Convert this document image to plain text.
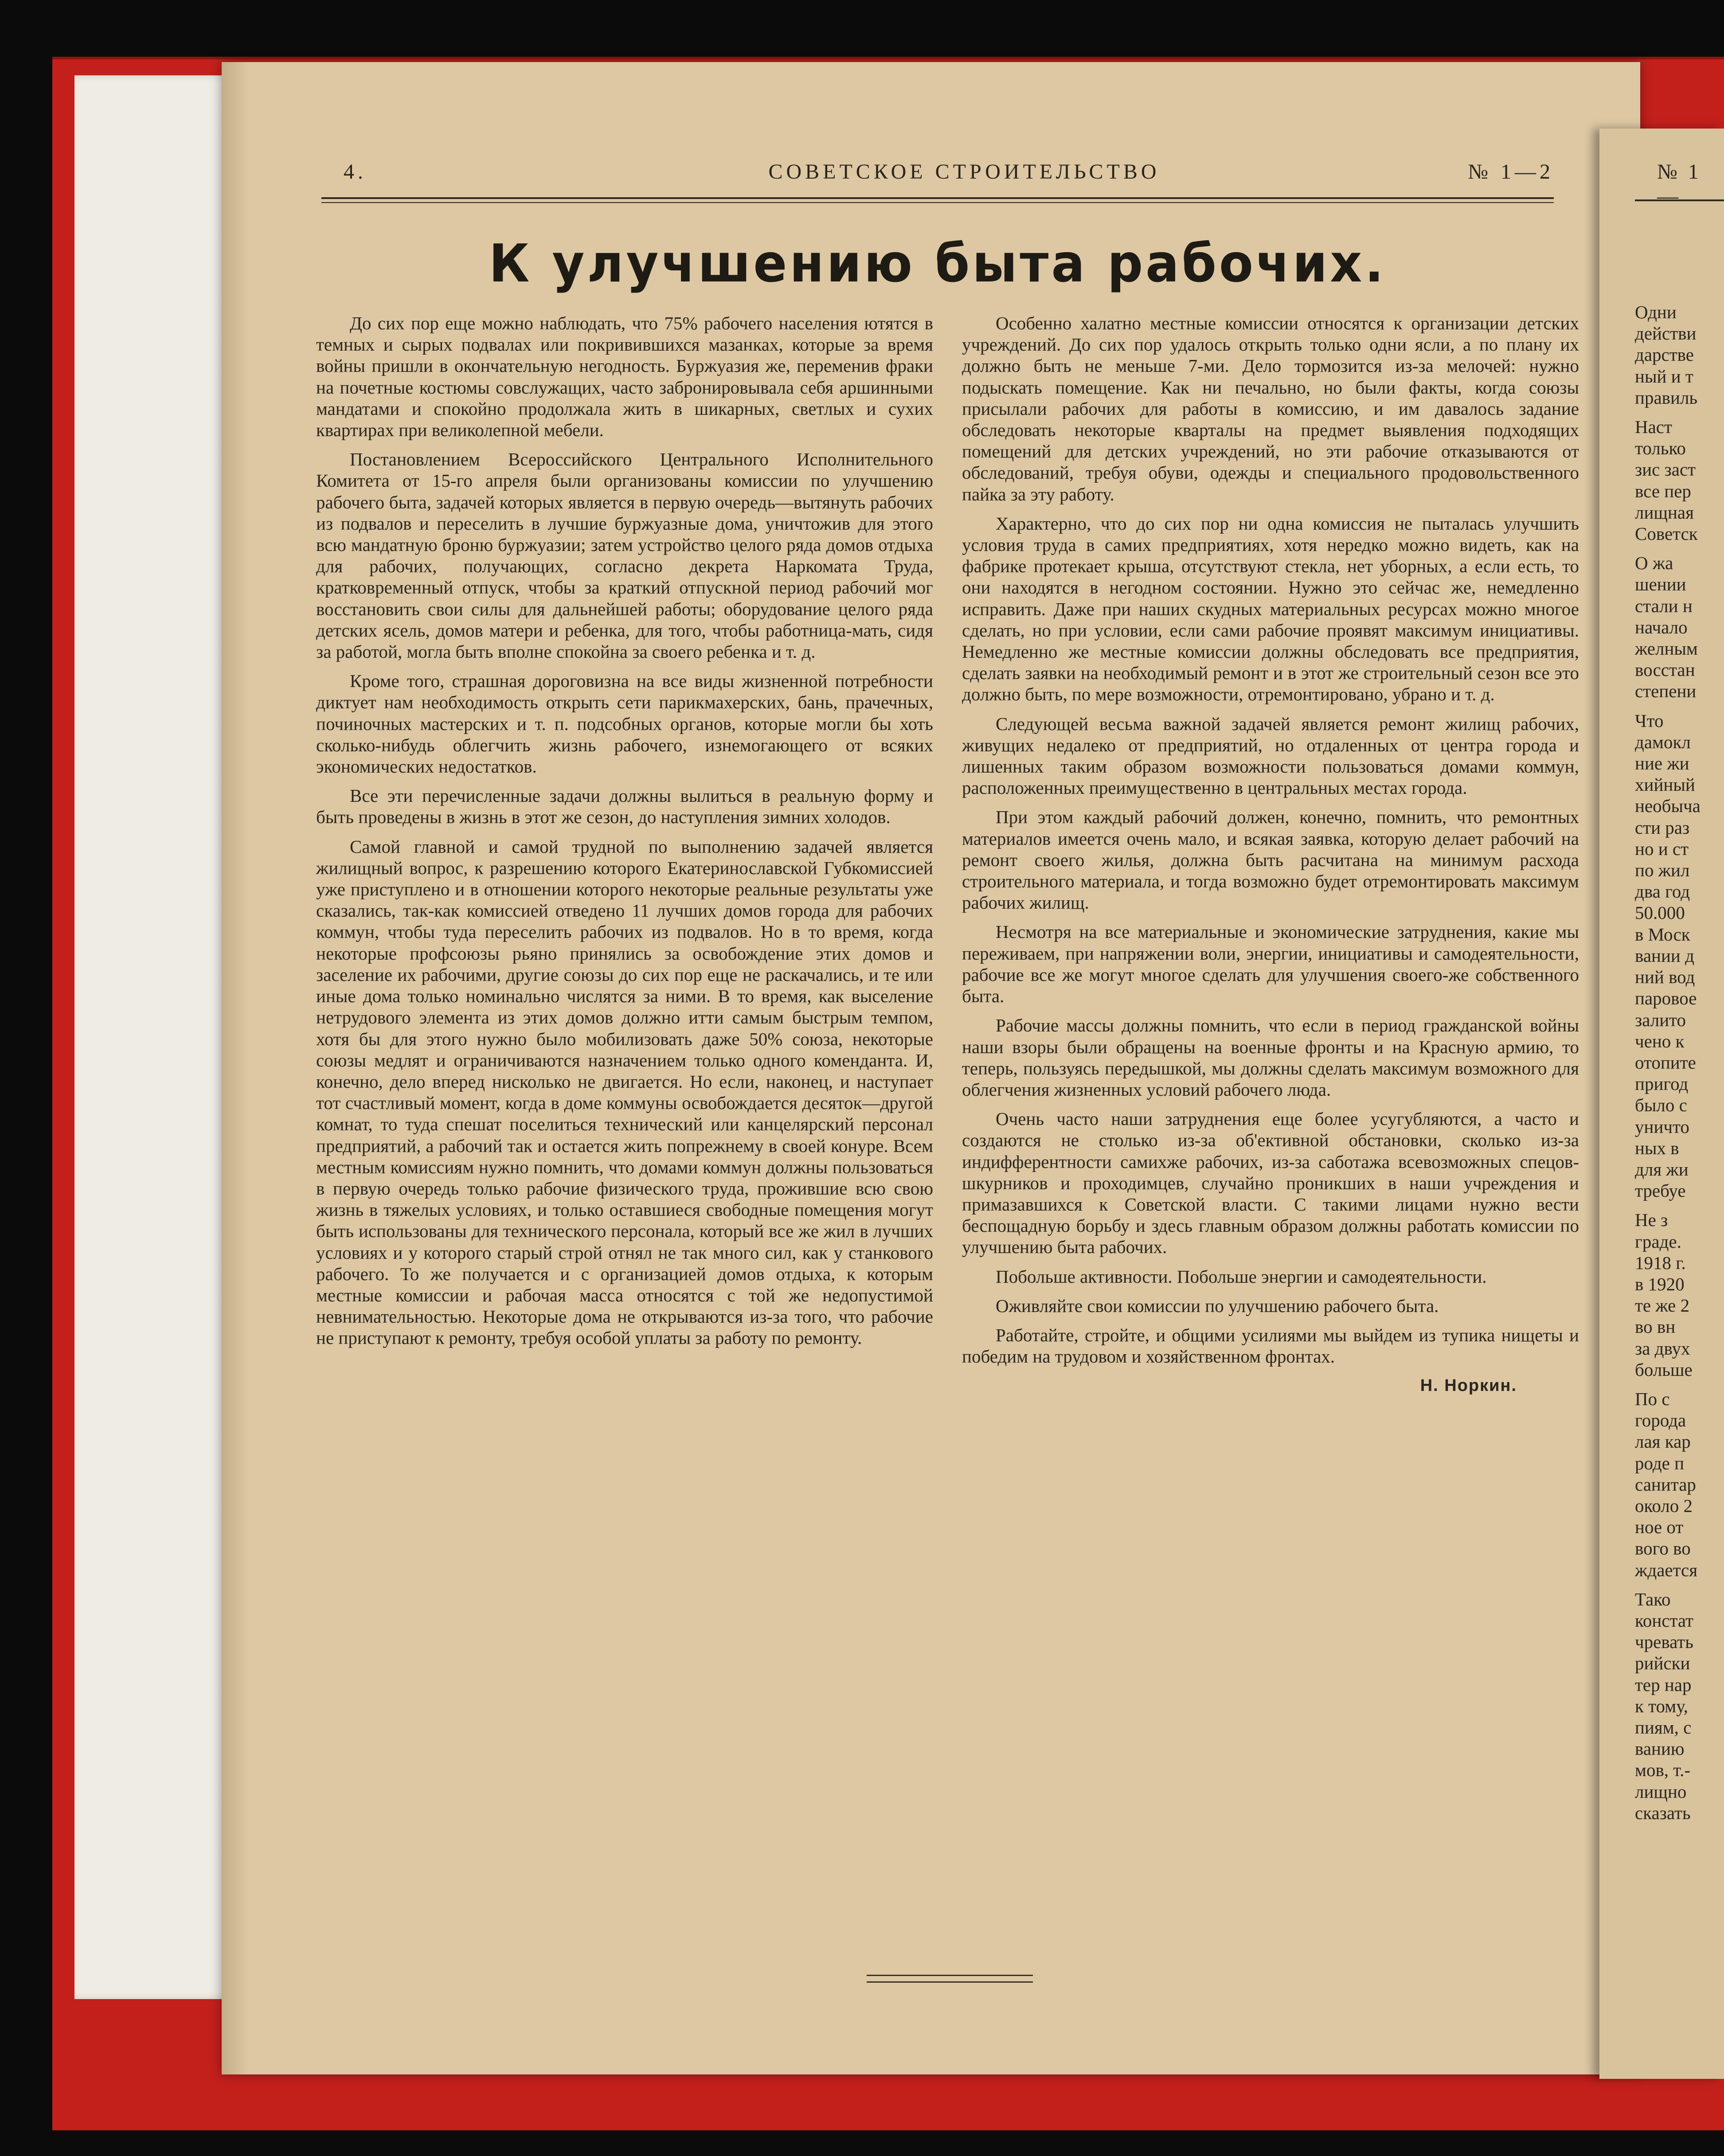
4.	СОВЕТСКОЕ СТРОИТЕЛЬСТВО	№ 1—2
К улучшению быта рабочих.

До сих пор еще можно наблюдать, что 75% рабочего населения ютятся в темных и сырых подвалах или покривившихся мазанках, которые за время войны пришли в окончательную негодность. Буржуазия же, переменив фраки на почетные костюмы совслужащих, часто забронировывала себя аршинными мандатами и спокойно продолжала жить в шикарных, светлых и сухих квартирах при великолепной мебели.

Постановлением Всероссийского Центрального Исполнительного Комитета от 15-го апреля были организованы комиссии по улучшению рабочего быта, задачей которых является в первую очередь—вытянуть рабочих из подвалов и переселить в лучшие буржуазные дома, уничтожив для этого всю мандатную броню буржуазии; затем устройство целого ряда домов отдыха для рабочих, получающих, согласно декрета Наркомата Труда, кратковременный отпуск, чтобы за краткий отпускной период рабочий мог восстановить свои силы для дальнейшей работы; оборудование целого ряда детских ясель, домов матери и ребенка, для того, чтобы работница-мать, сидя за работой, могла быть вполне спокойна за своего ребенка и т. д.

Кроме того, страшная дороговизна на все виды жизненной потребности диктует нам необходимость открыть сети парикмахерских, бань, прачечных, починочных мастерских и т. п. подсобных органов, которые могли бы хоть сколько-нибудь облегчить жизнь рабочего, изнемогающего от всяких экономических недостатков.

Все эти перечисленные задачи должны вылиться в реальную форму и быть проведены в жизнь в этот же сезон, до наступления зимних холодов.

Самой главной и самой трудной по выполнению задачей является жилищный вопрос, к разрешению которого Екатеринославской Губкомиссией уже приступлено и в отношении которого некоторые реальные результаты уже сказались, так-как комиссией отведено 11 лучших домов города для рабочих коммун, чтобы туда переселить рабочих из подвалов. Но в то время, когда некоторые профсоюзы рьяно принялись за освобождение этих домов и заселение их рабочими, другие союзы до сих пор еще не раскачались, и те или иные дома только номинально числятся за ними. В то время, как выселение нетрудового элемента из этих домов должно итти самым быстрым темпом, хотя бы для этого нужно было мобилизовать даже 50% союза, некоторые союзы медлят и ограничиваются назначением только одного коменданта. И, конечно, дело вперед нисколько не двигается. Но если, наконец, и наступает тот счастливый момент, когда в доме коммуны освобождается десяток—другой комнат, то туда спешат поселиться технический или канцелярский персонал предприятий, а рабочий так и остается жить попрежнему в своей конуре. Всем местным комиссиям нужно помнить, что домами коммун должны пользоваться в первую очередь только рабочие физического труда, прожившие всю свою жизнь в тяжелых условиях, и только оставшиеся свободные помещения могут быть использованы для технического персонала, который все же жил в лучших условиях и у которого старый строй отнял не так много сил, как у станкового рабочего. То же получается и с организацией домов отдыха, к которым местные комиссии и рабочая масса относятся с той же недопустимой невнимательностью. Некоторые дома не открываются из-за того, что рабочие не приступают к ремонту, требуя особой уплаты за работу по ремонту.

Особенно халатно местные комиссии относятся к организации детских учреждений. До сих пор удалось открыть только одни ясли, а по плану их должно быть не меньше 7-ми. Дело тормозится из-за мелочей: нужно подыскать помещение. Как ни печально, но были факты, когда союзы присылали рабочих для работы в комиссию, и им давалось задание обследовать некоторые кварталы на предмет выявления подходящих помещений для детских учреждений, но эти рабочие отказываются от обследований, требуя обуви, одежды и специального продовольственного пайка за эту работу.

Характерно, что до сих пор ни одна комиссия не пыталась улучшить условия труда в самих предприятиях, хотя нередко можно видеть, как на фабрике протекает крыша, отсутствуют стекла, нет уборных, а если есть, то они находятся в негодном состоянии. Нужно это сейчас же, немедленно исправить. Даже при наших скудных материальных ресурсах можно многое сделать, но при условии, если сами рабочие проявят максимум инициативы. Немедленно же местные комиссии должны обследовать все предприятия, сделать заявки на необходимый ремонт и в этот же строительный сезон все это должно быть, по мере возможности, отремонтировано, убрано и т. д.

Следующей весьма важной задачей является ремонт жилищ рабочих, живущих недалеко от предприятий, но отдаленных от центра города и лишенных таким образом возможности пользоваться домами коммун, расположенных преимущественно в центральных местах города.

При этом каждый рабочий должен, конечно, помнить, что ремонтных материалов имеется очень мало, и всякая заявка, которую делает рабочий на ремонт своего жилья, должна быть расчитана на минимум расхода строительного материала, и тогда возможно будет отремонтировать максимум рабочих жилищ.

Несмотря на все материальные и экономические затруднения, какие мы переживаем, при напряжении воли, энергии, инициативы и самодеятельности, рабочие все же могут многое сделать для улучшения своего-же собственного быта.

Рабочие массы должны помнить, что если в период гражданской войны наши взоры были обращены на военные фронты и на Красную армию, то теперь, пользуясь передышкой, мы должны сделать максимум возможного для облегчения жизненных условий рабочего люда.

Очень часто наши затруднения еще более усугубляются, а часто и создаются не столько из-за об'ективной обстановки, сколько из-за индифферентности самихже рабочих, из-за саботажа всевозможных спецов-шкурников и проходимцев, случайно проникших в наши учреждения и примазавшихся к Советской власти. С такими лицами нужно вести беспощадную борьбу и здесь главным образом должны работать комиссии по улучшению быта рабочих.

Побольше активности. Побольше энергии и самодеятельности.

Оживляйте свои комиссии по улучшению рабочего быта.

Работайте, стройте, и общими усилиями мы выйдем из тупика нищеты и победим на трудовом и хозяйственном фронтах.

Н. Норкин.
№ 1—
Одни
действи
дарстве
ный и т
правиль

Наст
только
зис заст
все пер
лищная
Советск

О жа
шении
стали н
начало
желным
восстан
степени

Что
дамокл
ние жи
хийный
необыча
сти раз
но и ст
по жил
два год
50.000
в Моск
вании д
ний вод
паровое
залито
чено к
отопите
пригод
было с
уничто
ных в
для жи
требуе

Не з
граде.
1918 г.
в 1920
те же 2
во вн
за двух
больше

По с
города
лая кар
роде п
санитар
около 2
ное от
вого во
ждается

Тако
констат
чревать
рийски
тер нар
к тому,
пиям, с
ванию
мов, т.-
лищно
сказать
